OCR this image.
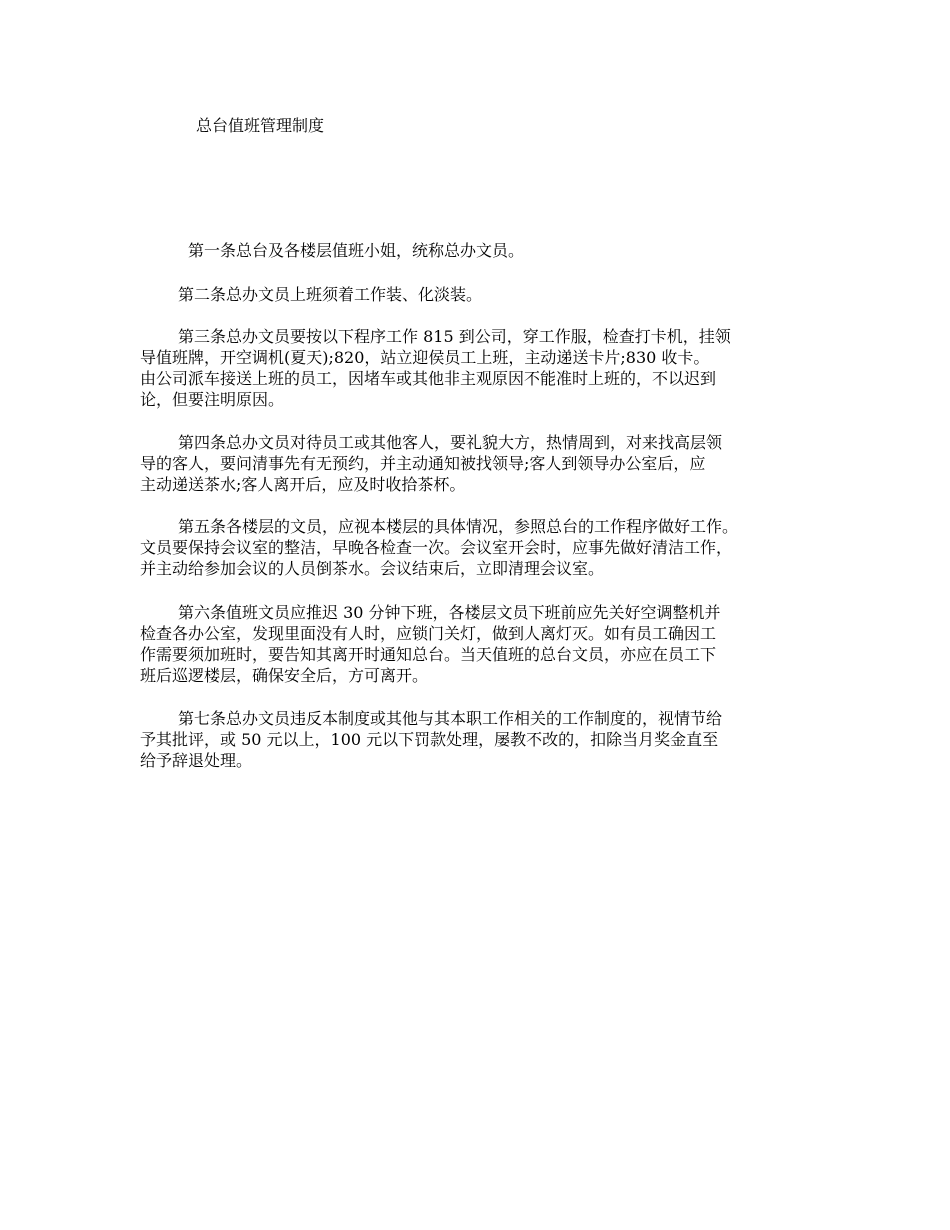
总台值班管理制度
第一条总台及各楼层值班小姐，统称总办文员。
第二条总办文员上班须着工作装、化淡装。
第三条总办文员要按以下程序工作 815 到公司，穿工作服，检查打卡机，挂领
导值班牌，开空调机(夏天);820，站立迎侯员工上班，主动递送卡片;830 收卡。
由公司派车接送上班的员工，因堵车或其他非主观原因不能准时上班的，不以迟到
论，但要注明原因。
第四条总办文员对待员工或其他客人，要礼貌大方，热情周到，对来找高层领
导的客人，要问清事先有无预约，并主动通知被找领导;客人到领导办公室后，应
主动递送茶水;客人离开后，应及时收拾茶杯。
第五条各楼层的文员，应视本楼层的具体情况，参照总台的工作程序做好工作。
文员要保持会议室的整洁，早晚各检查一次。会议室开会时，应事先做好清洁工作，
并主动给参加会议的人员倒茶水。会议结束后，立即清理会议室。
第六条值班文员应推迟 30 分钟下班，各楼层文员下班前应先关好空调整机并
检查各办公室，发现里面没有人时，应锁门关灯，做到人离灯灭。如有员工确因工
作需要须加班时，要告知其离开时通知总台。当天值班的总台文员，亦应在员工下
班后巡逻楼层，确保安全后，方可离开。
第七条总办文员违反本制度或其他与其本职工作相关的工作制度的，视情节给
予其批评，或 50 元以上，100 元以下罚款处理，屡教不改的，扣除当月奖金直至
给予辞退处理。
